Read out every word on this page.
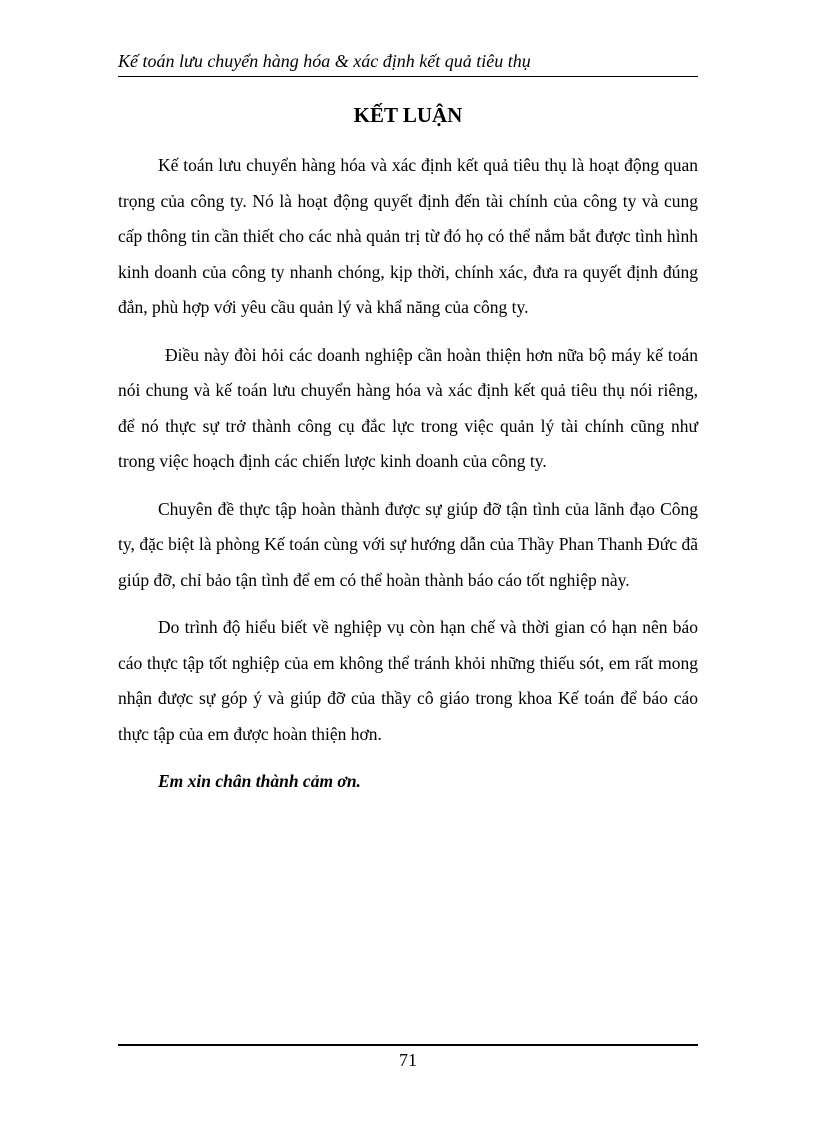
Kế toán lưu chuyển hàng hóa & xác định kết quả tiêu thụ
KẾT LUẬN

Kế toán lưu chuyển hàng hóa và xác định kết quả tiêu thụ là hoạt động quan trọng của công ty. Nó là hoạt động quyết định đến tài chính của công ty và cung cấp thông tin cần thiết cho các nhà quản trị từ đó họ có thể nắm bắt được tình hình kinh doanh của công ty nhanh chóng, kịp thời, chính xác, đưa ra quyết định đúng đắn, phù hợp với yêu cầu quản lý và khẩ năng của công ty.

Điều này đòi hỏi các doanh nghiệp cần hoàn thiện hơn nữa bộ máy kế toán nói chung và kế toán lưu chuyển hàng hóa và xác định kết quả tiêu thụ nói riêng, để nó thực sự trở thành công cụ đắc lực trong việc quản lý tài chính cũng như trong việc hoạch định các chiến lược kinh doanh của công ty.

Chuyên đề thực tập hoàn thành được sự giúp đỡ tận tình của lãnh đạo Công ty, đặc biệt là phòng Kế toán cùng với sự hướng dẫn của Thầy Phan Thanh Đức đã giúp đỡ, chỉ bảo tận tình để em có thể hoàn thành báo cáo tốt nghiệp này.

Do trình độ hiểu biết về nghiệp vụ còn hạn chế và thời gian có hạn nên báo cáo thực tập tốt nghiệp của em không thể tránh khỏi những thiếu sót, em rất mong nhận được sự góp ý và giúp đỡ của thầy cô giáo trong khoa Kế toán để báo cáo thực tập của em được hoàn thiện hơn.

Em xin chân thành cảm ơn.

71
